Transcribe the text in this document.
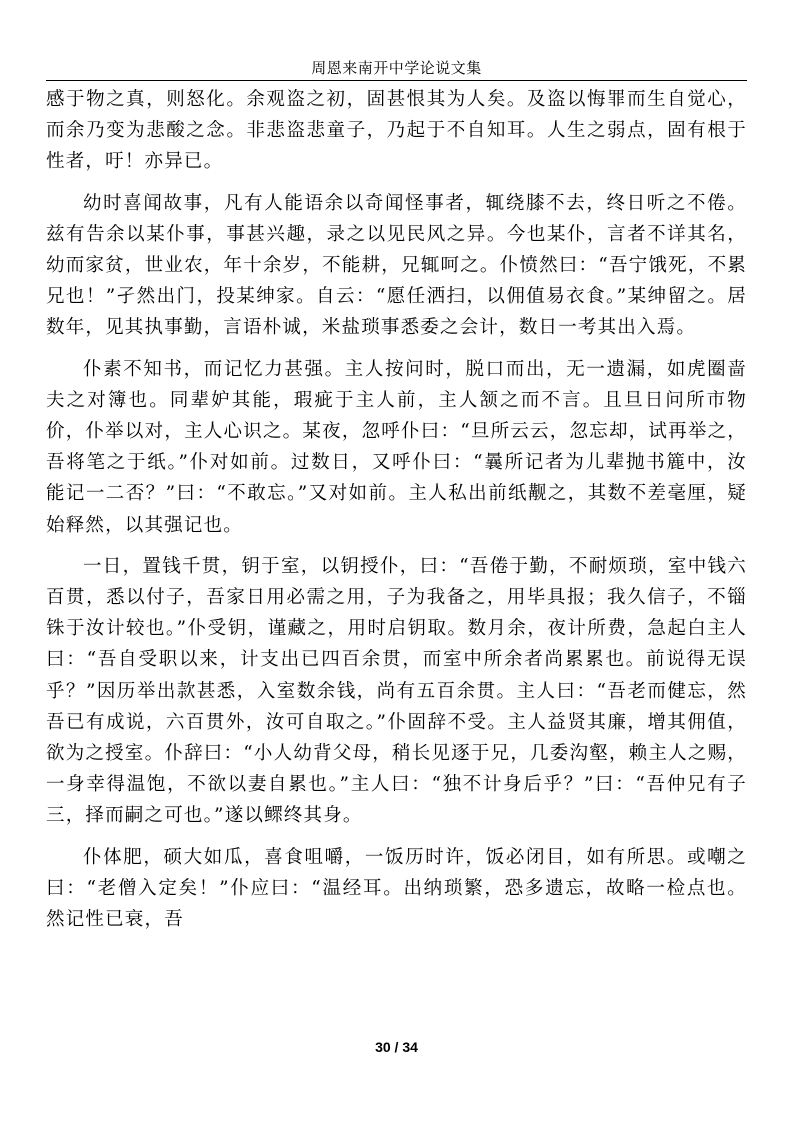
周恩来南开中学论说文集

感于物之真，则怒化。余观盗之初，固甚恨其为人矣。及盗以悔罪而生自觉心，而余乃变为悲酸之念。非悲盗悲童子，乃起于不自知耳。人生之弱点，固有根于性者，吁！亦异已。

幼时喜闻故事，凡有人能语余以奇闻怪事者，辄绕膝不去，终日听之不倦。兹有告余以某仆事，事甚兴趣，录之以见民风之异。今也某仆，言者不详其名，幼而家贫，世业农，年十余岁，不能耕，兄辄呵之。仆愤然曰：“吾宁饿死，不累兄也！”孑然出门，投某绅家。自云：“愿任洒扫，以佣值易衣食。”某绅留之。居数年，见其执事勤，言语朴诚，米盐琐事悉委之会计，数日一考其出入焉。

仆素不知书，而记忆力甚强。主人按问时，脱口而出，无一遗漏，如虎圈啬夫之对簿也。同辈妒其能，瑕疵于主人前，主人颔之而不言。且旦日问所市物价，仆举以对，主人心识之。某夜，忽呼仆曰：“旦所云云，忽忘却，试再举之，吾将笔之于纸。”仆对如前。过数日，又呼仆曰：“曩所记者为儿辈抛书簏中，汝能记一二否？”曰：“不敢忘。”又对如前。主人私出前纸觏之，其数不差毫厘，疑始释然，以其强记也。

一日，置钱千贯，钥于室，以钥授仆，曰：“吾倦于勤，不耐烦琐，室中钱六百贯，悉以付子，吾家日用必需之用，子为我备之，用毕具报；我久信子，不锱铢于汝计较也。”仆受钥，谨藏之，用时启钥取。数月余，夜计所费，急起白主人曰：“吾自受职以来，计支出已四百余贯，而室中所余者尚累累也。前说得无误乎？”因历举出款甚悉，入室数余钱，尚有五百余贯。主人曰：“吾老而健忘，然吾已有成说，六百贯外，汝可自取之。”仆固辞不受。主人益贤其廉，增其佣值，欲为之授室。仆辞曰：“小人幼背父母，稍长见逐于兄，几委沟壑，赖主人之赐，一身幸得温饱，不欲以妻自累也。”主人曰：“独不计身后乎？”曰：“吾仲兄有子三，择而嗣之可也。”遂以鳏终其身。

仆体肥，硕大如瓜，喜食咀嚼，一饭历时许，饭必闭目，如有所思。或嘲之曰：“老僧入定矣！”仆应曰：“温经耳。出纳琐繁，恐多遗忘，故略一检点也。然记性已衰，吾

30 / 34
